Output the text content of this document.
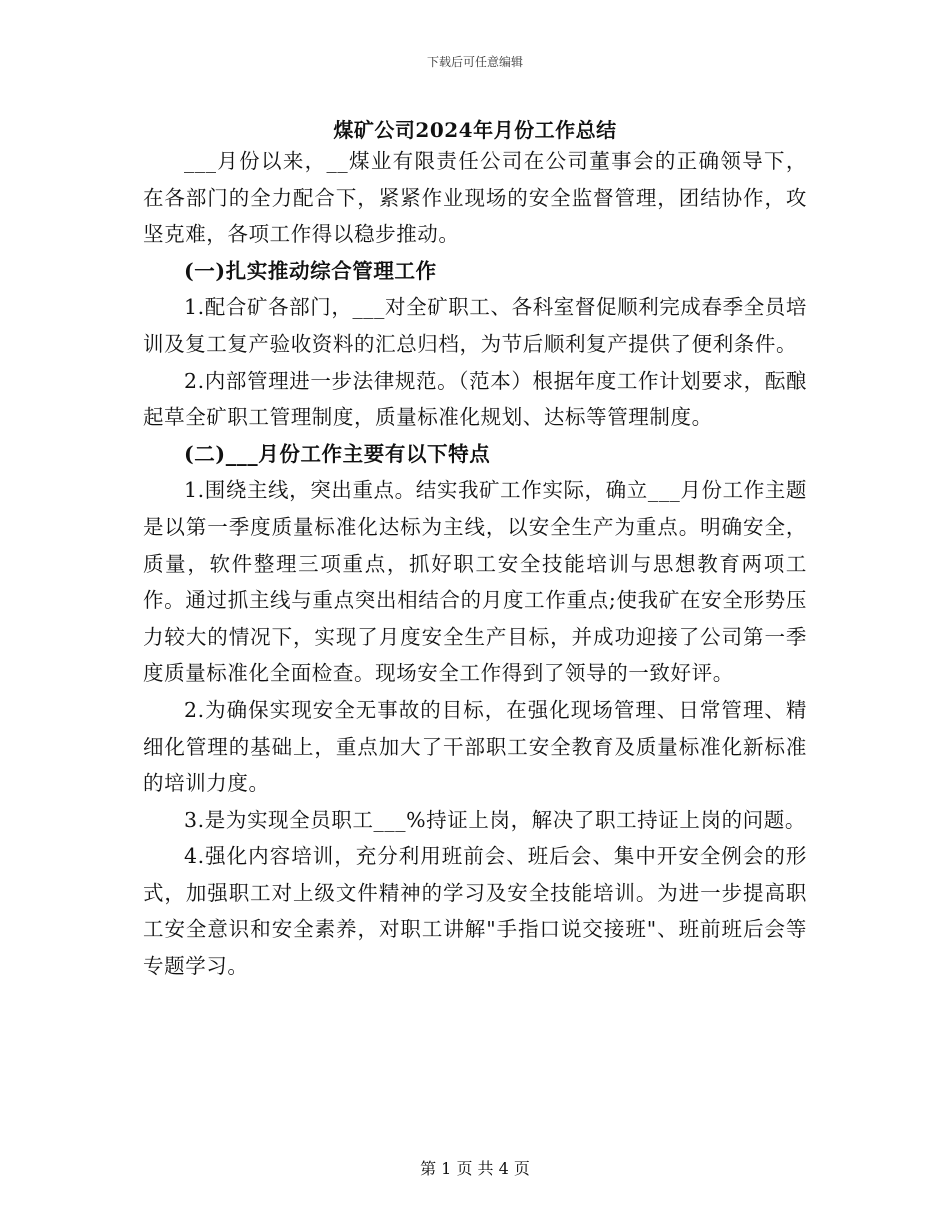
下载后可任意编辑
煤矿公司2024年月份工作总结

___月份以来，__煤业有限责任公司在公司董事会的正确领导下，在各部门的全力配合下，紧紧作业现场的安全监督管理，团结协作，攻坚克难，各项工作得以稳步推动。

(一)扎实推动综合管理工作

1.配合矿各部门，___对全矿职工、各科室督促顺利完成春季全员培训及复工复产验收资料的汇总归档，为节后顺利复产提供了便利条件。

2.内部管理进一步法律规范。（范本）根据年度工作计划要求，酝酿起草全矿职工管理制度，质量标准化规划、达标等管理制度。

(二)___月份工作主要有以下特点

1.围绕主线，突出重点。结实我矿工作实际，确立___月份工作主题是以第一季度质量标准化达标为主线，以安全生产为重点。明确安全，质量，软件整理三项重点，抓好职工安全技能培训与思想教育两项工作。通过抓主线与重点突出相结合的月度工作重点;使我矿在安全形势压力较大的情况下，实现了月度安全生产目标，并成功迎接了公司第一季度质量标准化全面检查。现场安全工作得到了领导的一致好评。

2.为确保实现安全无事故的目标，在强化现场管理、日常管理、精细化管理的基础上，重点加大了干部职工安全教育及质量标准化新标准的培训力度。

3.是为实现全员职工___%持证上岗，解决了职工持证上岗的问题。

4.强化内容培训，充分利用班前会、班后会、集中开安全例会的形式，加强职工对上级文件精神的学习及安全技能培训。为进一步提高职工安全意识和安全素养，对职工讲解"手指口说交接班"、班前班后会等专题学习。

第 1 页 共 4 页
